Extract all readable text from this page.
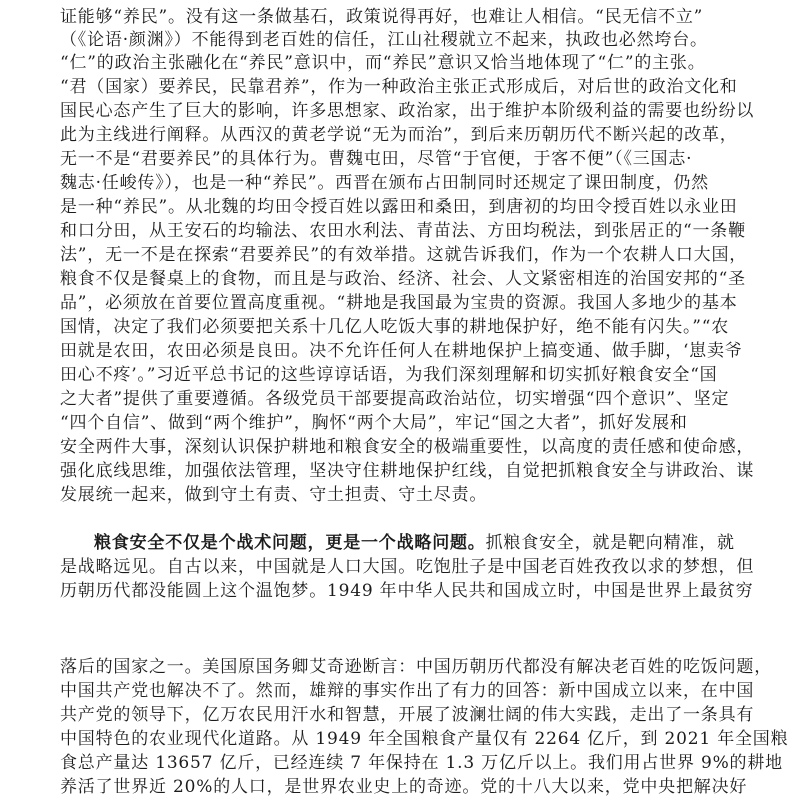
证能够“养民”。没有这一条做基石，政策说得再好，也难让人相信。“民无信不立”
（《论语·颜渊》）不能得到老百姓的信任，江山社稷就立不起来，执政也必然垮台。
“仁”的政治主张融化在“养民”意识中，而“养民”意识又恰当地体现了“仁”的主张。
“君（国家）要养民，民靠君养”，作为一种政治主张正式形成后，对后世的政治文化和
国民心态产生了巨大的影响，许多思想家、政治家，出于维护本阶级利益的需要也纷纷以
此为主线进行阐释。从西汉的黄老学说“无为而治”，到后来历朝历代不断兴起的改革，
无一不是“君要养民”的具体行为。曹魏屯田，尽管“于官便，于客不便”（《三国志·
魏志·任峻传》），也是一种“养民”。西晋在颁布占田制同时还规定了课田制度，仍然
是一种“养民”。从北魏的均田令授百姓以露田和桑田，到唐初的均田令授百姓以永业田
和口分田，从王安石的均输法、农田水利法、青苗法、方田均税法，到张居正的“一条鞭
法”，无一不是在探索“君要养民”的有效举措。这就告诉我们，作为一个农耕人口大国，
粮食不仅是餐桌上的食物，而且是与政治、经济、社会、人文紧密相连的治国安邦的“圣
品”，必须放在首要位置高度重视。“耕地是我国最为宝贵的资源。我国人多地少的基本
国情，决定了我们必须要把关系十几亿人吃饭大事的耕地保护好，绝不能有闪失。”“农
田就是农田，农田必须是良田。决不允许任何人在耕地保护上搞变通、做手脚，‘崽卖爷
田心不疼’。”习近平总书记的这些谆谆话语，为我们深刻理解和切实抓好粮食安全“国
之大者”提供了重要遵循。各级党员干部要提高政治站位，切实增强“四个意识”、坚定
“四个自信”、做到“两个维护”，胸怀“两个大局”，牢记“国之大者”，抓好发展和
安全两件大事，深刻认识保护耕地和粮食安全的极端重要性，以高度的责任感和使命感，
强化底线思维，加强依法管理，坚决守住耕地保护红线，自觉把抓粮食安全与讲政治、谋
发展统一起来，做到守土有责、守土担责、守土尽责。
粮食安全不仅是个战术问题，更是一个战略问题。抓粮食安全，就是靶向精准，就
是战略远见。自古以来，中国就是人口大国。吃饱肚子是中国老百姓孜孜以求的梦想，但
历朝历代都没能圆上这个温饱梦。1949 年中华人民共和国成立时，中国是世界上最贫穷
落后的国家之一。美国原国务卿艾奇逊断言：中国历朝历代都没有解决老百姓的吃饭问题，
中国共产党也解决不了。然而，雄辩的事实作出了有力的回答：新中国成立以来，在中国
共产党的领导下，亿万农民用汗水和智慧，开展了波澜壮阔的伟大实践，走出了一条具有
中国特色的农业现代化道路。从 1949 年全国粮食产量仅有 2264 亿斤，到 2021 年全国粮
食总产量达 13657 亿斤，已经连续 7 年保持在 1.3 万亿斤以上。我们用占世界 9%的耕地
养活了世界近 20%的人口，是世界农业史上的奇迹。党的十八大以来，党中央把解决好
